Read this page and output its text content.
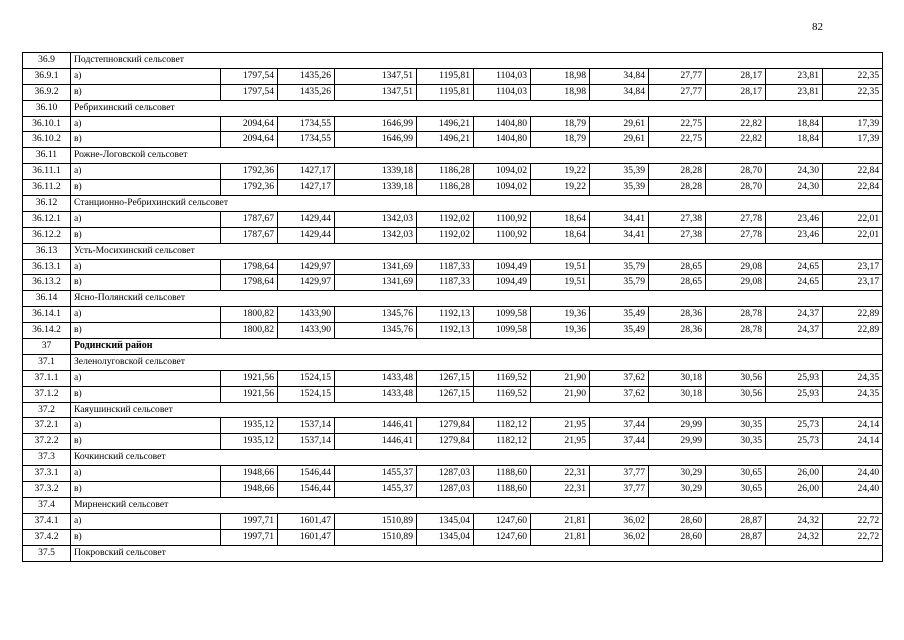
82
36.9	Подстепновский сельсовет											
36.9.1	а)	1797,54	1435,26	1347,51	1195,81	1104,03	18,98	34,84	27,77	28,17	23,81	22,35
36.9.2	в)	1797,54	1435,26	1347,51	1195,81	1104,03	18,98	34,84	27,77	28,17	23,81	22,35
36.10	Ребрихинский сельсовет											
36.10.1	а)	2094,64	1734,55	1646,99	1496,21	1404,80	18,79	29,61	22,75	22,82	18,84	17,39
36.10.2	в)	2094,64	1734,55	1646,99	1496,21	1404,80	18,79	29,61	22,75	22,82	18,84	17,39
36.11	Рожне-Логовской сельсовет											
36.11.1	а)	1792,36	1427,17	1339,18	1186,28	1094,02	19,22	35,39	28,28	28,70	24,30	22,84
36.11.2	в)	1792,36	1427,17	1339,18	1186,28	1094,02	19,22	35,39	28,28	28,70	24,30	22,84
36.12	Станционно-Ребрихинский сельсовет											
36.12.1	а)	1787,67	1429,44	1342,03	1192,02	1100,92	18,64	34,41	27,38	27,78	23,46	22,01
36.12.2	в)	1787,67	1429,44	1342,03	1192,02	1100,92	18,64	34,41	27,38	27,78	23,46	22,01
36.13	Усть-Мосихинский сельсовет											
36.13.1	а)	1798,64	1429,97	1341,69	1187,33	1094,49	19,51	35,79	28,65	29,08	24,65	23,17
36.13.2	в)	1798,64	1429,97	1341,69	1187,33	1094,49	19,51	35,79	28,65	29,08	24,65	23,17
36.14	Ясно-Полянский сельсовет											
36.14.1	а)	1800,82	1433,90	1345,76	1192,13	1099,58	19,36	35,49	28,36	28,78	24,37	22,89
36.14.2	в)	1800,82	1433,90	1345,76	1192,13	1099,58	19,36	35,49	28,36	28,78	24,37	22,89
37	Родинский район											
37.1	Зеленолуговской сельсовет											
37.1.1	а)	1921,56	1524,15	1433,48	1267,15	1169,52	21,90	37,62	30,18	30,56	25,93	24,35
37.1.2	в)	1921,56	1524,15	1433,48	1267,15	1169,52	21,90	37,62	30,18	30,56	25,93	24,35
37.2	Каяушинский сельсовет											
37.2.1	а)	1935,12	1537,14	1446,41	1279,84	1182,12	21,95	37,44	29,99	30,35	25,73	24,14
37.2.2	в)	1935,12	1537,14	1446,41	1279,84	1182,12	21,95	37,44	29,99	30,35	25,73	24,14
37.3	Кочкинский сельсовет											
37.3.1	а)	1948,66	1546,44	1455,37	1287,03	1188,60	22,31	37,77	30,29	30,65	26,00	24,40
37.3.2	в)	1948,66	1546,44	1455,37	1287,03	1188,60	22,31	37,77	30,29	30,65	26,00	24,40
37.4	Мирненский сельсовет											
37.4.1	а)	1997,71	1601,47	1510,89	1345,04	1247,60	21,81	36,02	28,60	28,87	24,32	22,72
37.4.2	в)	1997,71	1601,47	1510,89	1345,04	1247,60	21,81	36,02	28,60	28,87	24,32	22,72
37.5	Покровский сельсовет											
